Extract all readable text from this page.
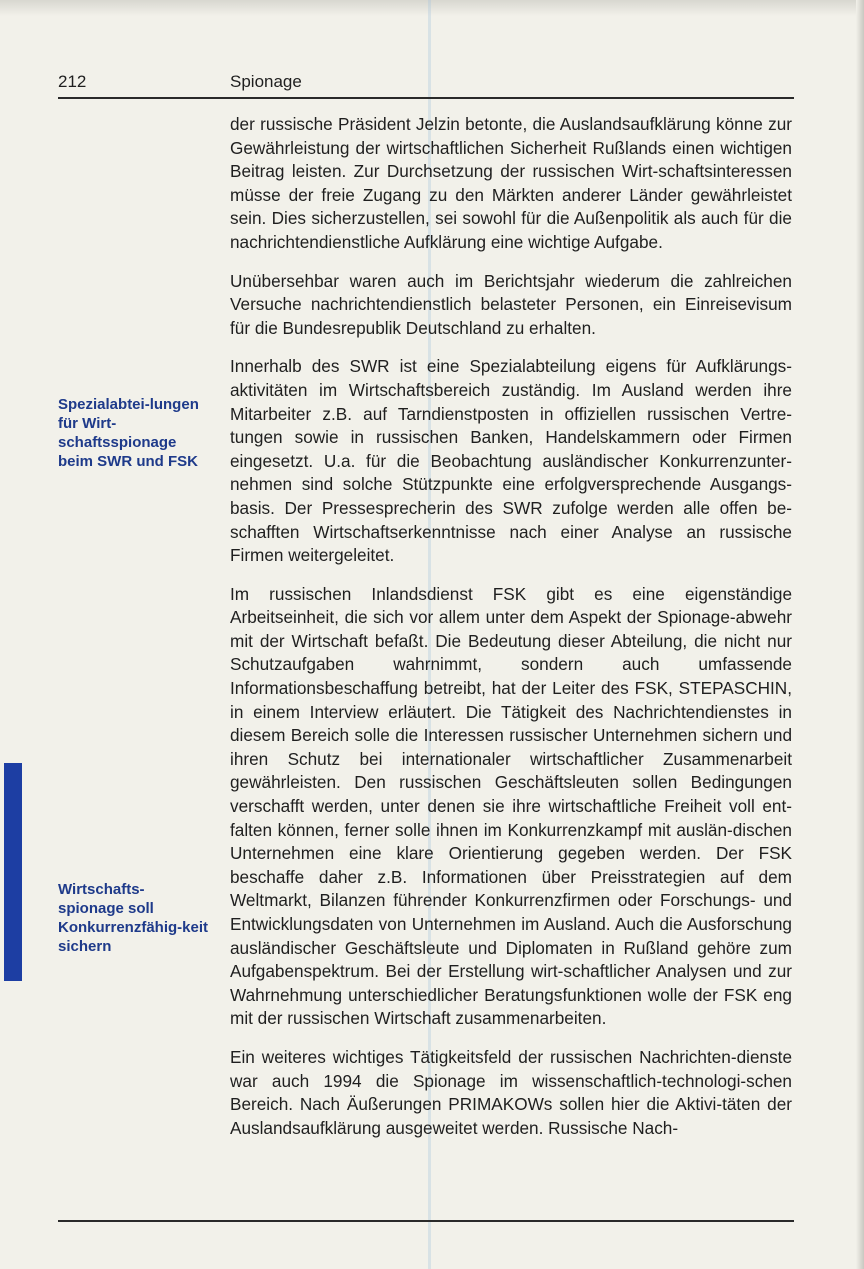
212	Spionage
Spezialabtei-lungen für Wirt-schaftsspionage beim SWR und FSK
Wirtschafts-spionage soll Konkurrenzfähig-keit sichern

der russische Präsident Jelzin betonte, die Auslandsaufklärung könne zur Gewährleistung der wirtschaftlichen Sicherheit Rußlands einen wichtigen Beitrag leisten. Zur Durchsetzung der russischen Wirt-schaftsinteressen müsse der freie Zugang zu den Märkten anderer Länder gewährleistet sein. Dies sicherzustellen, sei sowohl für die Außenpolitik als auch für die nachrichtendienstliche Aufklärung eine wichtige Aufgabe.

Unübersehbar waren auch im Berichtsjahr wiederum die zahlreichen Versuche nachrichtendienstlich belasteter Personen, ein Einreisevisum für die Bundesrepublik Deutschland zu erhalten.

Innerhalb des SWR ist eine Spezialabteilung eigens für Aufklärungs-aktivitäten im Wirtschaftsbereich zuständig. Im Ausland werden ihre Mitarbeiter z.B. auf Tarndienstposten in offiziellen russischen Vertre-tungen sowie in russischen Banken, Handelskammern oder Firmen eingesetzt. U.a. für die Beobachtung ausländischer Konkurrenzunter-nehmen sind solche Stützpunkte eine erfolgversprechende Ausgangs-basis. Der Pressesprecherin des SWR zufolge werden alle offen be-schafften Wirtschaftserkenntnisse nach einer Analyse an russische Firmen weitergeleitet.

Im russischen Inlandsdienst FSK gibt es eine eigenständige Arbeitseinheit, die sich vor allem unter dem Aspekt der Spionage-abwehr mit der Wirtschaft befaßt. Die Bedeutung dieser Abteilung, die nicht nur Schutzaufgaben wahrnimmt, sondern auch umfassende Informationsbeschaffung betreibt, hat der Leiter des FSK, STEPASCHIN, in einem Interview erläutert. Die Tätigkeit des Nachrichtendienstes in diesem Bereich solle die Interessen russischer Unternehmen sichern und ihren Schutz bei internationaler wirtschaftlicher Zusammenarbeit gewährleisten. Den russischen Geschäftsleuten sollen Bedingungen verschafft werden, unter denen sie ihre wirtschaftliche Freiheit voll ent-falten können, ferner solle ihnen im Konkurrenzkampf mit auslän-dischen Unternehmen eine klare Orientierung gegeben werden. Der FSK beschaffe daher z.B. Informationen über Preisstrategien auf dem Weltmarkt, Bilanzen führender Konkurrenzfirmen oder Forschungs- und Entwicklungsdaten von Unternehmen im Ausland. Auch die Ausforschung ausländischer Geschäftsleute und Diplomaten in Rußland gehöre zum Aufgabenspektrum. Bei der Erstellung wirt-schaftlicher Analysen und zur Wahrnehmung unterschiedlicher Beratungsfunktionen wolle der FSK eng mit der russischen Wirtschaft zusammenarbeiten.

Ein weiteres wichtiges Tätigkeitsfeld der russischen Nachrichten-dienste war auch 1994 die Spionage im wissenschaftlich-technologi-schen Bereich. Nach Äußerungen PRIMAKOWs sollen hier die Aktivi-täten der Auslandsaufklärung ausgeweitet werden. Russische Nach-
